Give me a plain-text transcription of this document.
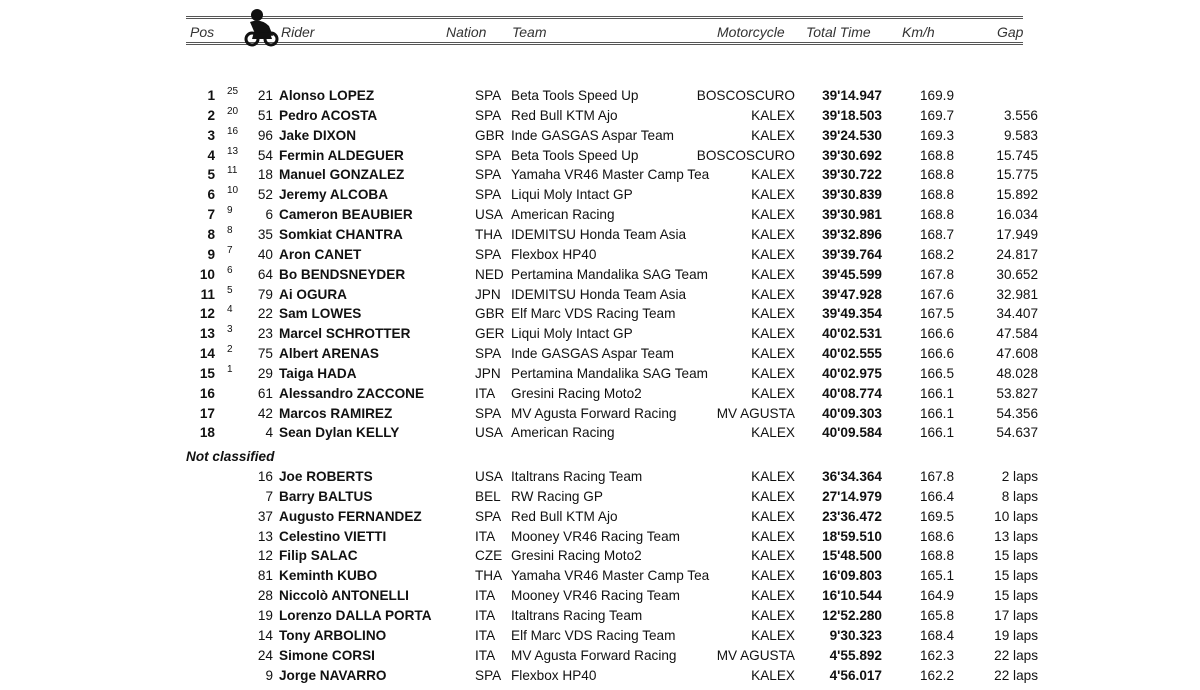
Pos	Rider	Nation Team	Motorcycle Total Time Km/h	Gap
1 25 21 Alonso LOPEZ	SPA Beta Tools Speed Up	BOSCOSCURO 39'14.947	169.9
2 20 51 Pedro ACOSTA	SPA Red Bull KTM Ajo	KALEX 39'18.503	169.7	3.556
3 16 96 Jake DIXON	GBR Inde GASGAS Aspar Team	KALEX 39'24.530	169.3	9.583
4 13 54 Fermin ALDEGUER	SPA Beta Tools Speed Up	BOSCOSCURO 39'30.692	168.8	15.745
5 11 18 Manuel GONZALEZ	SPA Yamaha VR46 Master Camp Tea	KALEX 39'30.722	168.8	15.775
6 10 52 Jeremy ALCOBA	SPA Liqui Moly Intact GP	KALEX 39'30.839	168.8	15.892
7 9 6 Cameron BEAUBIER	USA American Racing	KALEX 39'30.981	168.8	16.034
8 8 35 Somkiat CHANTRA	THA IDEMITSU Honda Team Asia	KALEX 39'32.896	168.7	17.949
9 7 40 Aron CANET	SPA Flexbox HP40	KALEX 39'39.764	168.2	24.817
10 6 64 Bo BENDSNEYDER	NED Pertamina Mandalika SAG Team	KALEX 39'45.599	167.8	30.652
11 5 79 Ai OGURA	JPN IDEMITSU Honda Team Asia	KALEX 39'47.928	167.6	32.981
12 4 22 Sam LOWES	GBR Elf Marc VDS Racing Team	KALEX 39'49.354	167.5	34.407
13 3 23 Marcel SCHROTTER	GER Liqui Moly Intact GP	KALEX 40'02.531	166.6	47.584
14 2 75 Albert ARENAS	SPA Inde GASGAS Aspar Team	KALEX 40'02.555	166.6	47.608
15 1 29 Taiga HADA	JPN Pertamina Mandalika SAG Team	KALEX 40'02.975	166.5	48.028
16	61 Alessandro ZACCONE	ITA Gresini Racing Moto2	KALEX 40'08.774	166.1	53.827
17	42 Marcos RAMIREZ	SPA MV Agusta Forward Racing	MV AGUSTA 40'09.303	166.1	54.356
18	4 Sean Dylan KELLY	USA American Racing	KALEX 40'09.584	166.1	54.637
Not classified
16 Joe ROBERTS	USA Italtrans Racing Team	KALEX 36'34.364	167.8	2 laps
7 Barry BALTUS	BEL RW Racing GP	KALEX 27'14.979	166.4	8 laps
37 Augusto FERNANDEZ	SPA Red Bull KTM Ajo	KALEX 23'36.472	169.5	10 laps
13 Celestino VIETTI	ITA Mooney VR46 Racing Team	KALEX 18'59.510	168.6	13 laps
12 Filip SALAC	CZE Gresini Racing Moto2	KALEX 15'48.500	168.8	15 laps
81 Keminth KUBO	THA Yamaha VR46 Master Camp Tea	KALEX 16'09.803	165.1	15 laps
28 Niccolò ANTONELLI	ITA Mooney VR46 Racing Team	KALEX 16'10.544	164.9	15 laps
19 Lorenzo DALLA PORTA	ITA Italtrans Racing Team	KALEX 12'52.280	165.8	17 laps
14 Tony ARBOLINO	ITA Elf Marc VDS Racing Team	KALEX	9'30.323	168.4	19 laps
24 Simone CORSI	ITA MV Agusta Forward Racing	MV AGUSTA	4'55.892	162.3	22 laps
9 Jorge NAVARRO	SPA Flexbox HP40	KALEX	4'56.017	162.2	22 laps
